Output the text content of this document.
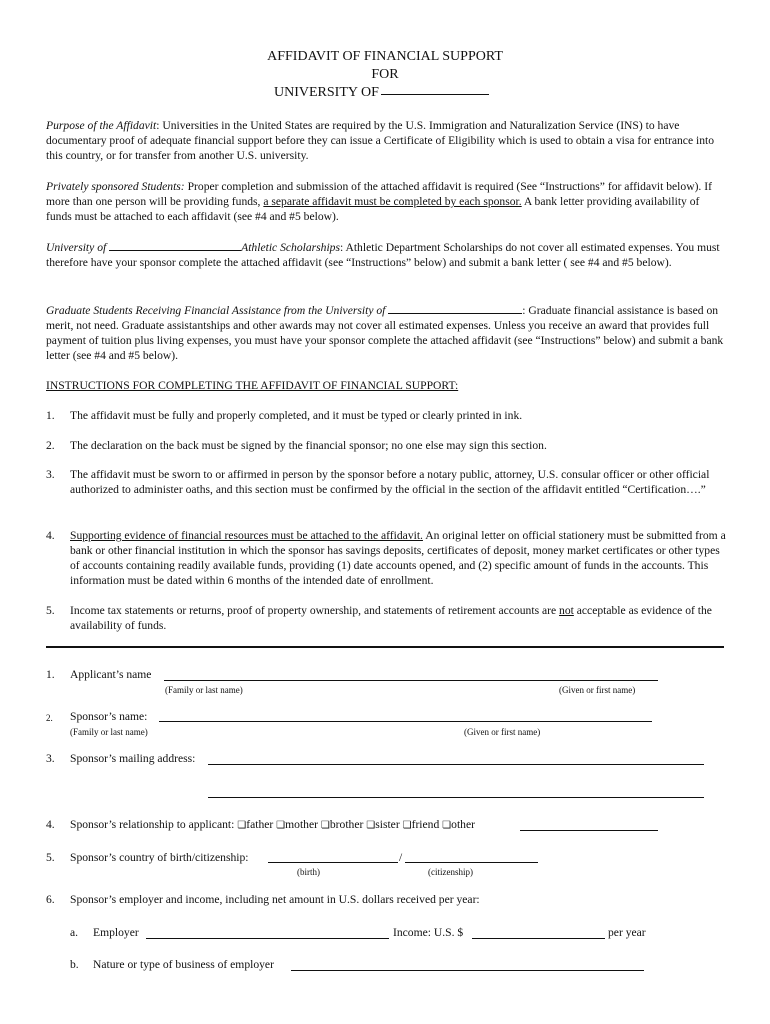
AFFIDAVIT OF FINANCIAL SUPPORT
FOR
UNIVERSITY OF
Purpose of the Affidavit: Universities in the United States are required by the U.S. Immigration and Naturalization Service (INS) to have documentary proof of adequate financial support before they can issue a Certificate of Eligibility which is used to obtain a visa for entrance into this country, or for transfer from another U.S. university.
Privately sponsored Students: Proper completion and submission of the attached affidavit is required (See “Instructions” for affidavit below). If more than one person will be providing funds, a separate affidavit must be completed by each sponsor. A bank letter providing availability of funds must be attached to each affidavit (see #4 and #5 below).
University of	Athletic Scholarships: Athletic Department Scholarships do not cover all estimated expenses. You must therefore have your sponsor complete the attached affidavit (see “Instructions” below) and submit a bank letter ( see #4 and #5 below).
Graduate Students Receiving Financial Assistance from the University of	: Graduate financial assistance is based on merit, not need. Graduate assistantships and other awards may not cover all estimated expenses. Unless you receive an award that provides full payment of tuition plus living expenses, you must have your sponsor complete the attached affidavit (see “Instructions” below) and submit a bank letter (see #4 and #5 below).
INSTRUCTIONS FOR COMPLETING THE AFFIDAVIT OF FINANCIAL SUPPORT:
1. The affidavit must be fully and properly completed, and it must be typed or clearly printed in ink.
2. The declaration on the back must be signed by the financial sponsor; no one else may sign this section.
3. The affidavit must be sworn to or affirmed in person by the sponsor before a notary public, attorney, U.S. consular officer or other official authorized to administer oaths, and this section must be confirmed by the official in the section of the affidavit entitled “Certification….”
4. Supporting evidence of financial resources must be attached to the affidavit. An original letter on official stationery must be submitted from a bank or other financial institution in which the sponsor has savings deposits, certificates of deposit, money market certificates or other types of accounts containing readily available funds, providing (1) date accounts opened, and (2) specific amount of funds in the accounts. This information must be dated within 6 months of the intended date of enrollment.
5. Income tax statements or returns, proof of property ownership, and statements of retirement accounts are not acceptable as evidence of the availability of funds.
1. Applicant’s name
(Family or last name)	(Given or first name)
2. Sponsor’s name:
(Family or last name)	(Given or first name)
3. Sponsor’s mailing address:
4. Sponsor’s relationship to applicant: ❏father ❏mother ❏brother ❏sister ❏friend ❏other
5. Sponsor’s country of birth/citizenship:	/
(birth)	(citizenship)
6. Sponsor’s employer and income, including net amount in U.S. dollars received per year:
a. Employer	Income: U.S. $	per year
b. Nature or type of business of employer
